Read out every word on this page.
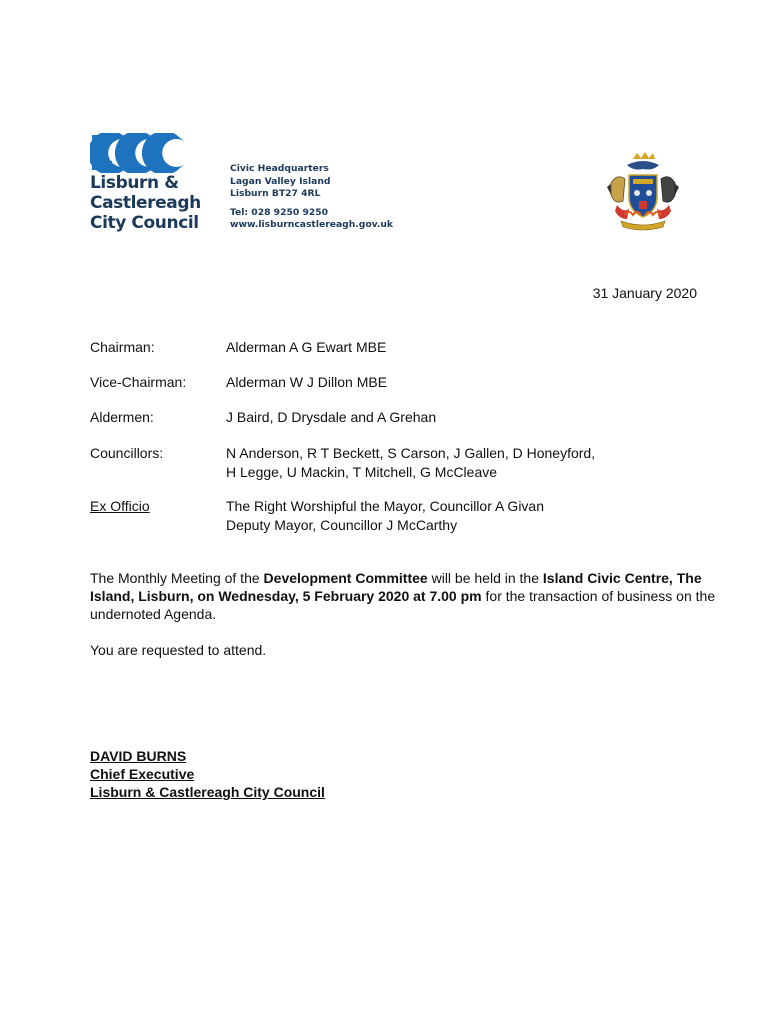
Lisburn &
Castlereagh
City Council
Civic Headquarters
Lagan Valley Island
Lisburn BT27 4RL
Tel: 028 9250 9250
www.lisburncastlereagh.gov.uk
31 January 2020
Chairman:	Alderman A G Ewart MBE
Vice-Chairman:	Alderman W J Dillon MBE
Aldermen:	J Baird, D Drysdale and A Grehan
Councillors:	N Anderson, R T Beckett, S Carson, J Gallen, D Honeyford,
H Legge, U Mackin, T Mitchell, G McCleave
Ex Officio	The Right Worshipful the Mayor, Councillor A Givan
Deputy Mayor, Councillor J McCarthy

The Monthly Meeting of the Development Committee will be held in the Island Civic Centre, The Island, Lisburn, on Wednesday, 5 February 2020 at 7.00 pm for the transaction of business on the undernoted Agenda.

You are requested to attend.

DAVID BURNS
Chief Executive
Lisburn & Castlereagh City Council
